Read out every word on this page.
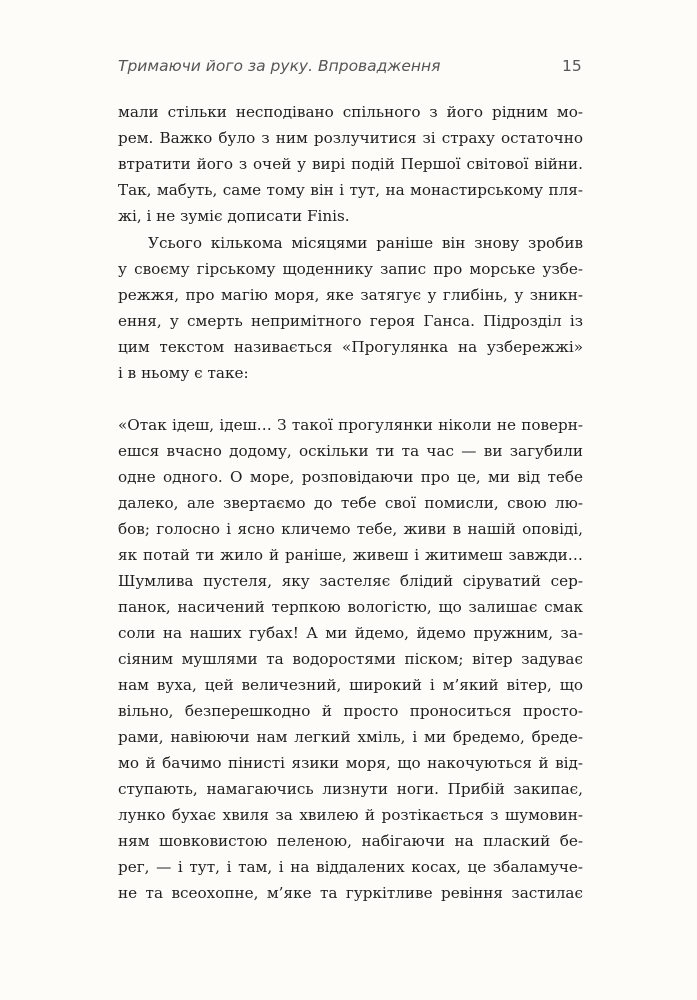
Тримаючи його за руку. Впровадження	15
мали стільки несподівано спільного з його рідним мо-
рем. Важко було з ним розлучитися зі страху остаточно
втратити його з очей у вирі подій Першої світової війни.
Так, мабуть, саме тому він і тут, на монастирському пля-
жі, і не зуміє дописати Finis.
Усього кількома місяцями раніше він знову зробив
у своєму гірському щоденнику запис про морське узбе-
режжя, про магію моря, яке затягує у глибінь, у зникн-
ення, у смерть непримітного героя Ганса. Підрозділ із
цим текстом називається «Прогулянка на узбережжі»
і в ньому є таке:
«Отак ідеш, ідеш… З такої прогулянки ніколи не поверн-
ешся вчасно додому, оскільки ти та час — ви загубили
одне одного. О море, розповідаючи про це, ми від тебе
далеко, але звертаємо до тебе свої помисли, свою лю-
бов; голосно і ясно кличемо тебе, живи в нашій оповіді,
як потай ти жило й раніше, живеш і житимеш завжди…
Шумлива пустеля, яку застеляє блідий сіруватий сер-
панок, насичений терпкою вологістю, що залишає смак
соли на наших губах! А ми йдемо, йдемо пружним, за-
сіяним мушлями та водоростями піском; вітер задуває
нам вуха, цей величезний, широкий і м’який вітер, що
вільно, безперешкодно й просто проноситься просто-
рами, навіюючи нам легкий хміль, і ми бредемо, бреде-
мо й бачимо пінисті язики моря, що накочуються й від-
ступають, намагаючись лизнути ноги. Прибій закипає,
лунко бухає хвиля за хвилею й розтікається з шумовин-
ням шовковистою пеленою, набігаючи на плаский бе-
рег, — і тут, і там, і на віддалених косах, це збаламуче-
не та всеохопне, м’яке та гуркітливе ревіння застилає
